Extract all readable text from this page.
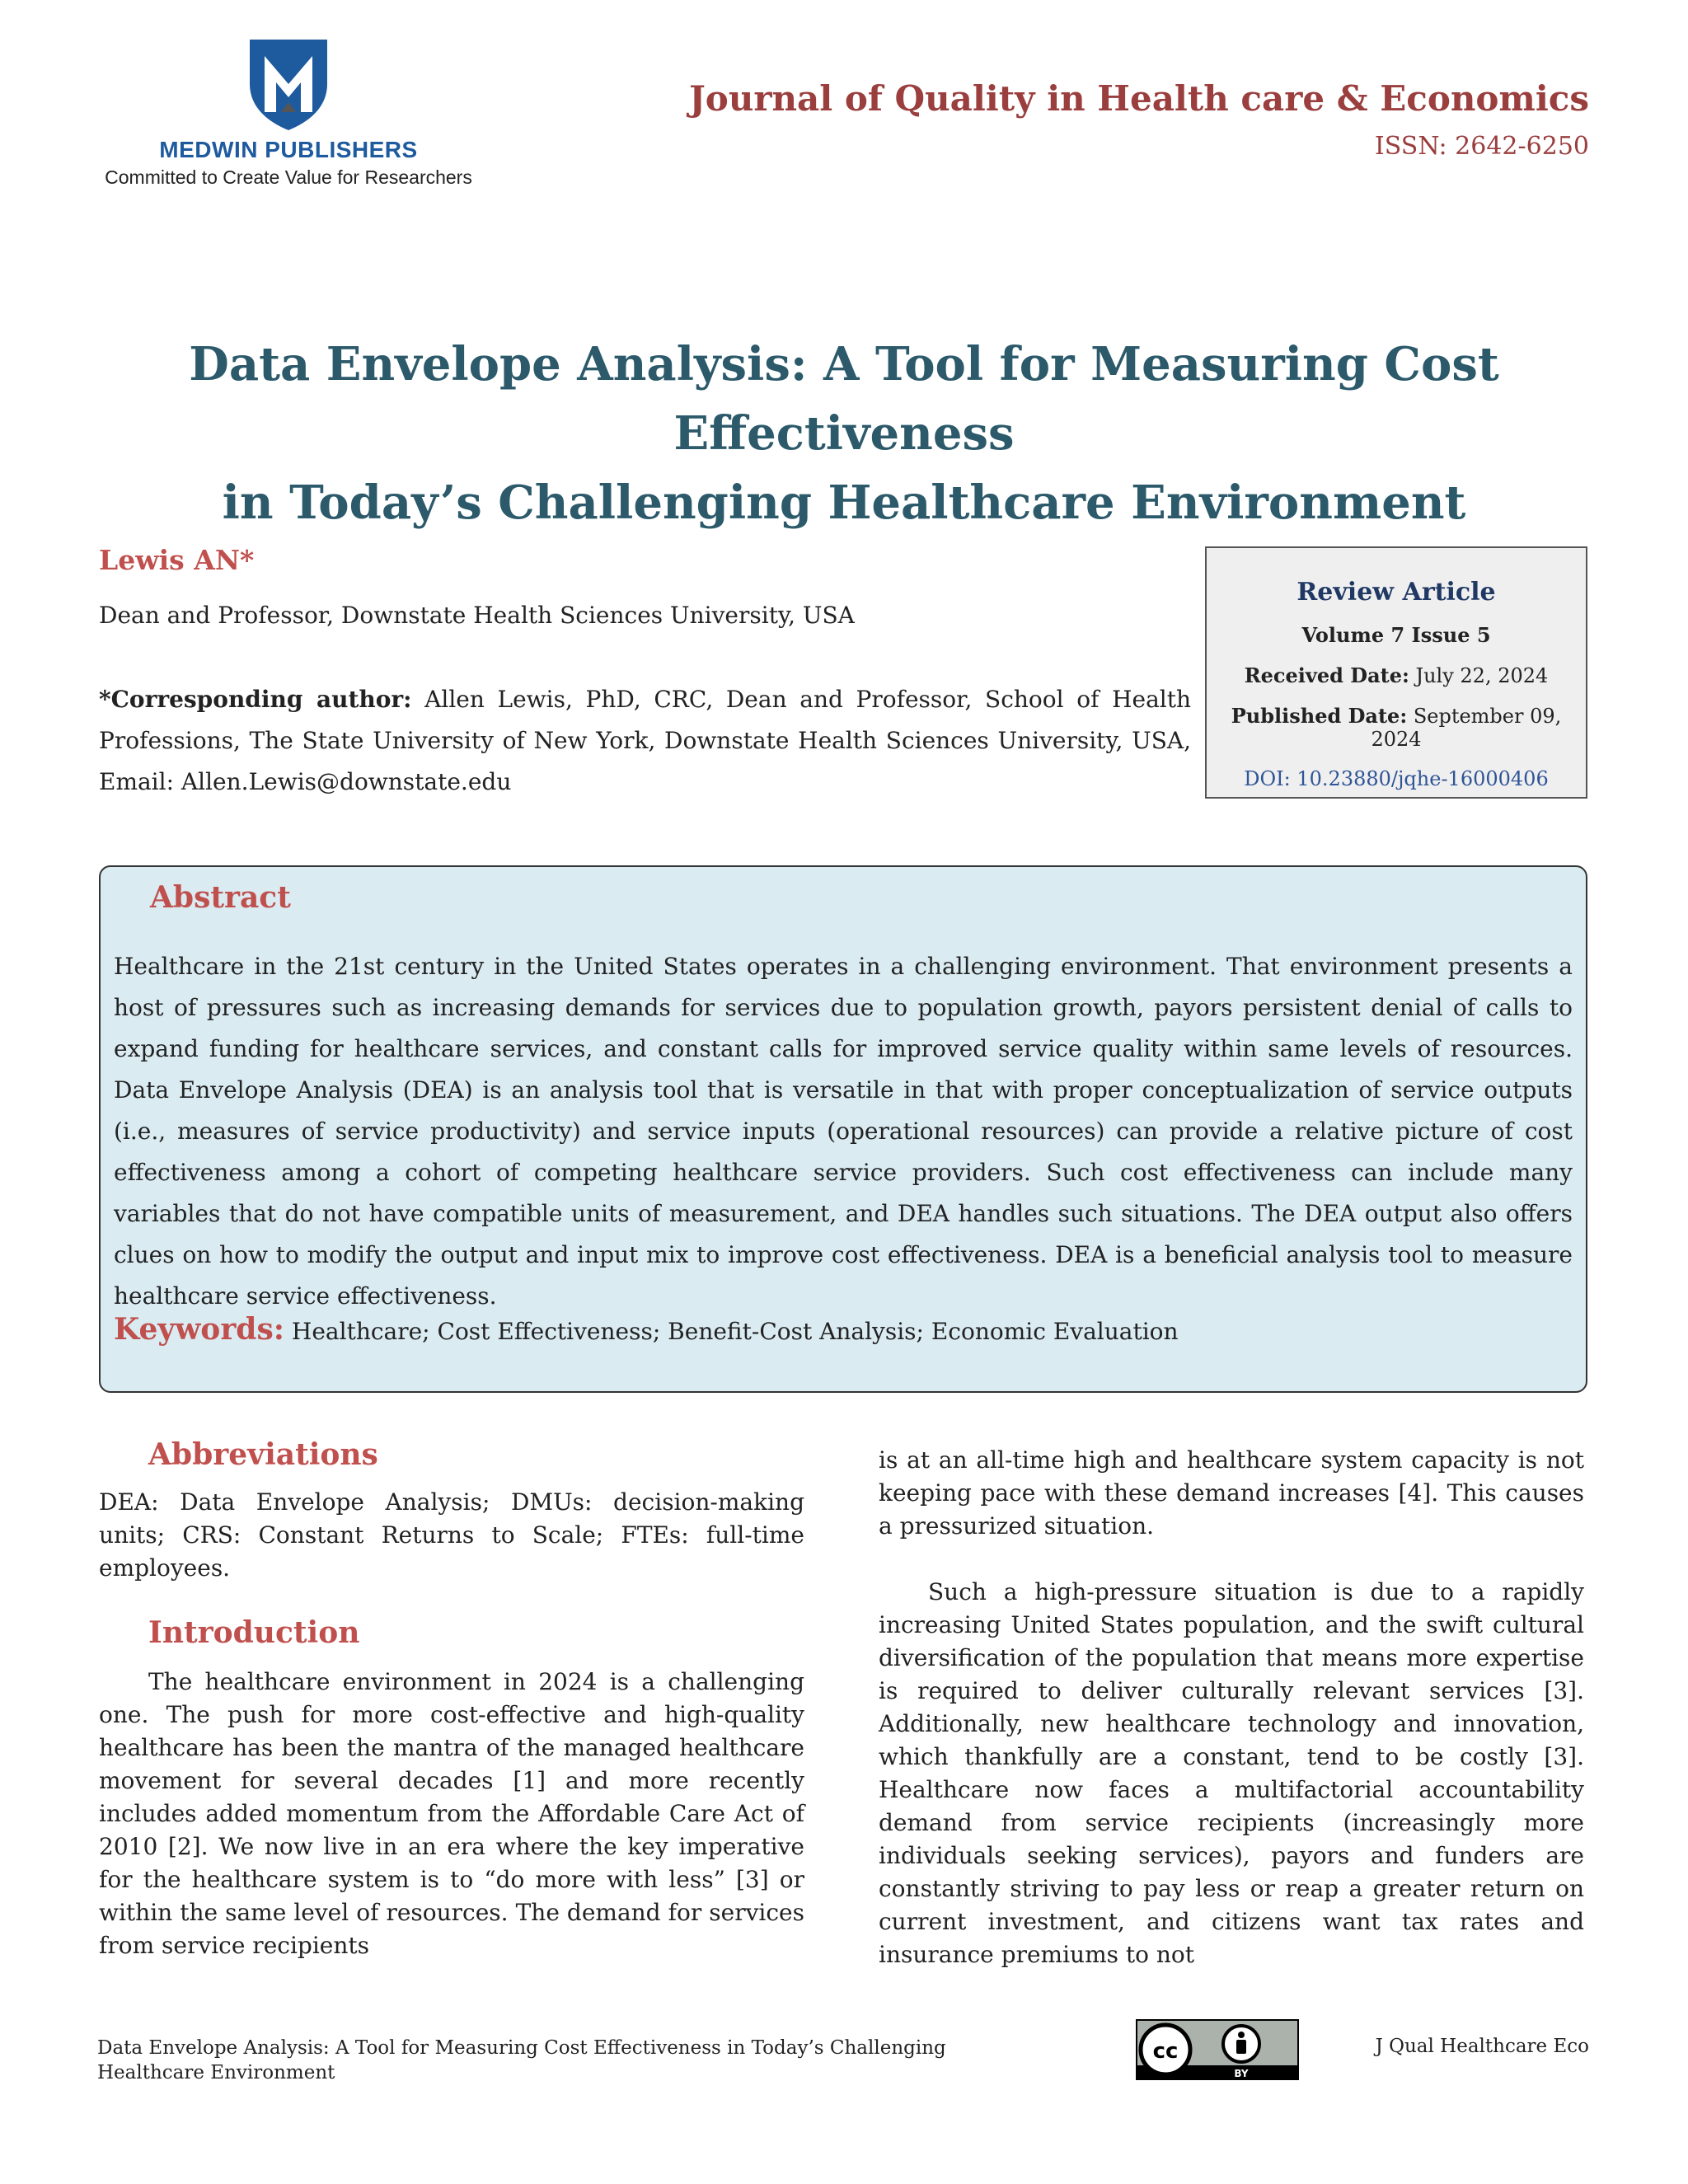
MEDWIN PUBLISHERS
Committed to Create Value for Researchers
Journal of Quality in Health care & Economics
ISSN: 2642-6250
Data Envelope Analysis: A Tool for Measuring Cost Effectiveness
in Today’s Challenging Healthcare Environment
Lewis AN*
Dean and Professor, Downstate Health Sciences University, USA
*Corresponding author: Allen Lewis, PhD, CRC, Dean and Professor, School of Health Professions, The State University of New York, Downstate Health Sciences University, USA, Email: Allen.Lewis@downstate.edu
Review Article
Volume 7 Issue 5
Received Date: July 22, 2024
Published Date: September 09, 2024
DOI: 10.23880/jqhe-16000406
Abstract
Healthcare in the 21st century in the United States operates in a challenging environment. That environment presents a host of pressures such as increasing demands for services due to population growth, payors persistent denial of calls to expand funding for healthcare services, and constant calls for improved service quality within same levels of resources. Data Envelope Analysis (DEA) is an analysis tool that is versatile in that with proper conceptualization of service outputs (i.e., measures of service productivity) and service inputs (operational resources) can provide a relative picture of cost effectiveness among a cohort of competing healthcare service providers. Such cost effectiveness can include many variables that do not have compatible units of measurement, and DEA handles such situations. The DEA output also offers clues on how to modify the output and input mix to improve cost effectiveness. DEA is a beneficial analysis tool to measure healthcare service effectiveness.
Keywords: Healthcare; Cost Effectiveness; Benefit-Cost Analysis; Economic Evaluation
Abbreviations

DEA: Data Envelope Analysis; DMUs: decision-making units; CRS: Constant Returns to Scale; FTEs: full-time employees.

Introduction

The healthcare environment in 2024 is a challenging one. The push for more cost-effective and high-quality healthcare has been the mantra of the managed healthcare movement for several decades [1] and more recently includes added momentum from the Affordable Care Act of 2010 [2]. We now live in an era where the key imperative for the healthcare system is to “do more with less” [3] or within the same level of resources. The demand for services from service recipients

is at an all-time high and healthcare system capacity is not keeping pace with these demand increases [4]. This causes a pressurized situation.

Such a high-pressure situation is due to a rapidly increasing United States population, and the swift cultural diversification of the population that means more expertise is required to deliver culturally relevant services [3]. Additionally, new healthcare technology and innovation, which thankfully are a constant, tend to be costly [3]. Healthcare now faces a multifactorial accountability demand from service recipients (increasingly more individuals seeking services), payors and funders are constantly striving to pay less or reap a greater return on current investment, and citizens want tax rates and insurance premiums to not

Data Envelope Analysis: A Tool for Measuring Cost Effectiveness in Today’s Challenging Healthcare Environment
cc
BY
J Qual Healthcare Eco
